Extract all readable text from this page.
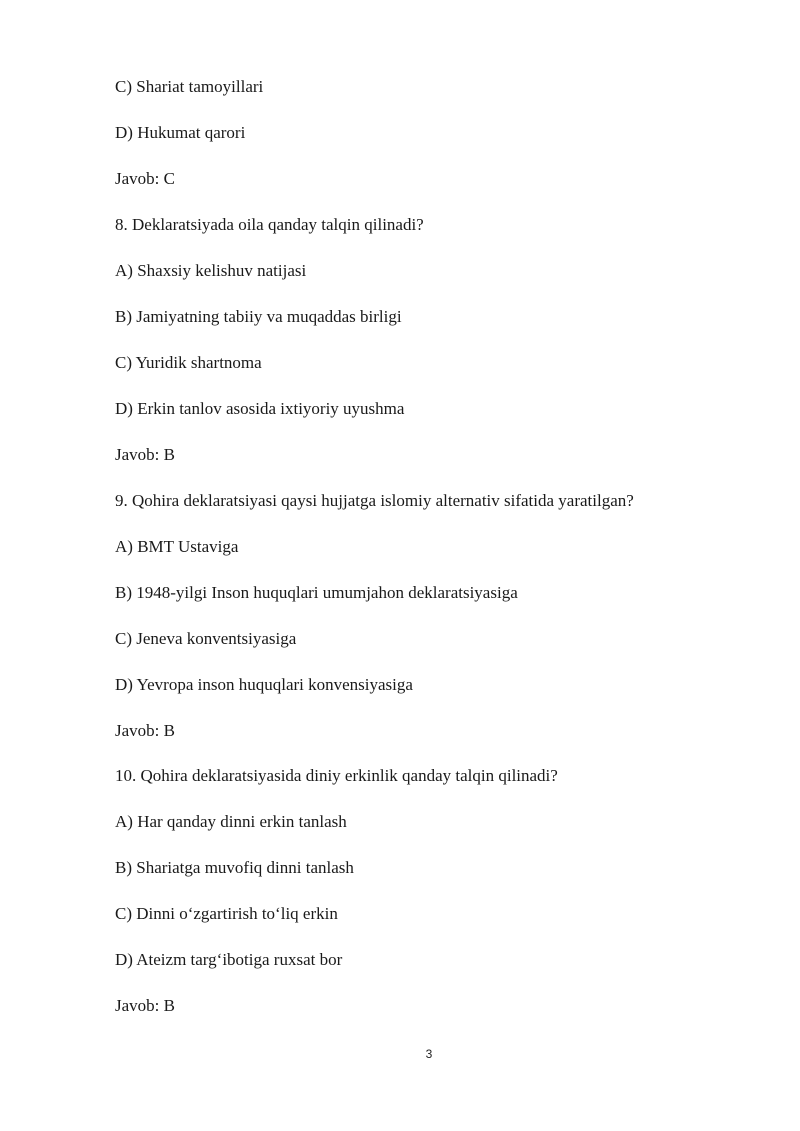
C) Shariat tamoyillari

D) Hukumat qarori

Javob: C

8. Deklaratsiyada oila qanday talqin qilinadi?

A) Shaxsiy kelishuv natijasi

B) Jamiyatning tabiiy va muqaddas birligi

C) Yuridik shartnoma

D) Erkin tanlov asosida ixtiyoriy uyushma

Javob: B

9. Qohira deklaratsiyasi qaysi hujjatga islomiy alternativ sifatida yaratilgan?

A) BMT Ustaviga

B) 1948-yilgi Inson huquqlari umumjahon deklaratsiyasiga

C) Jeneva konventsiyasiga

D) Yevropa inson huquqlari konvensiyasiga

Javob: B

10. Qohira deklaratsiyasida diniy erkinlik qanday talqin qilinadi?

A) Har qanday dinni erkin tanlash

B) Shariatga muvofiq dinni tanlash

C) Dinni o‘zgartirish to‘liq erkin

D) Ateizm targ‘ibotiga ruxsat bor

Javob: B

3
